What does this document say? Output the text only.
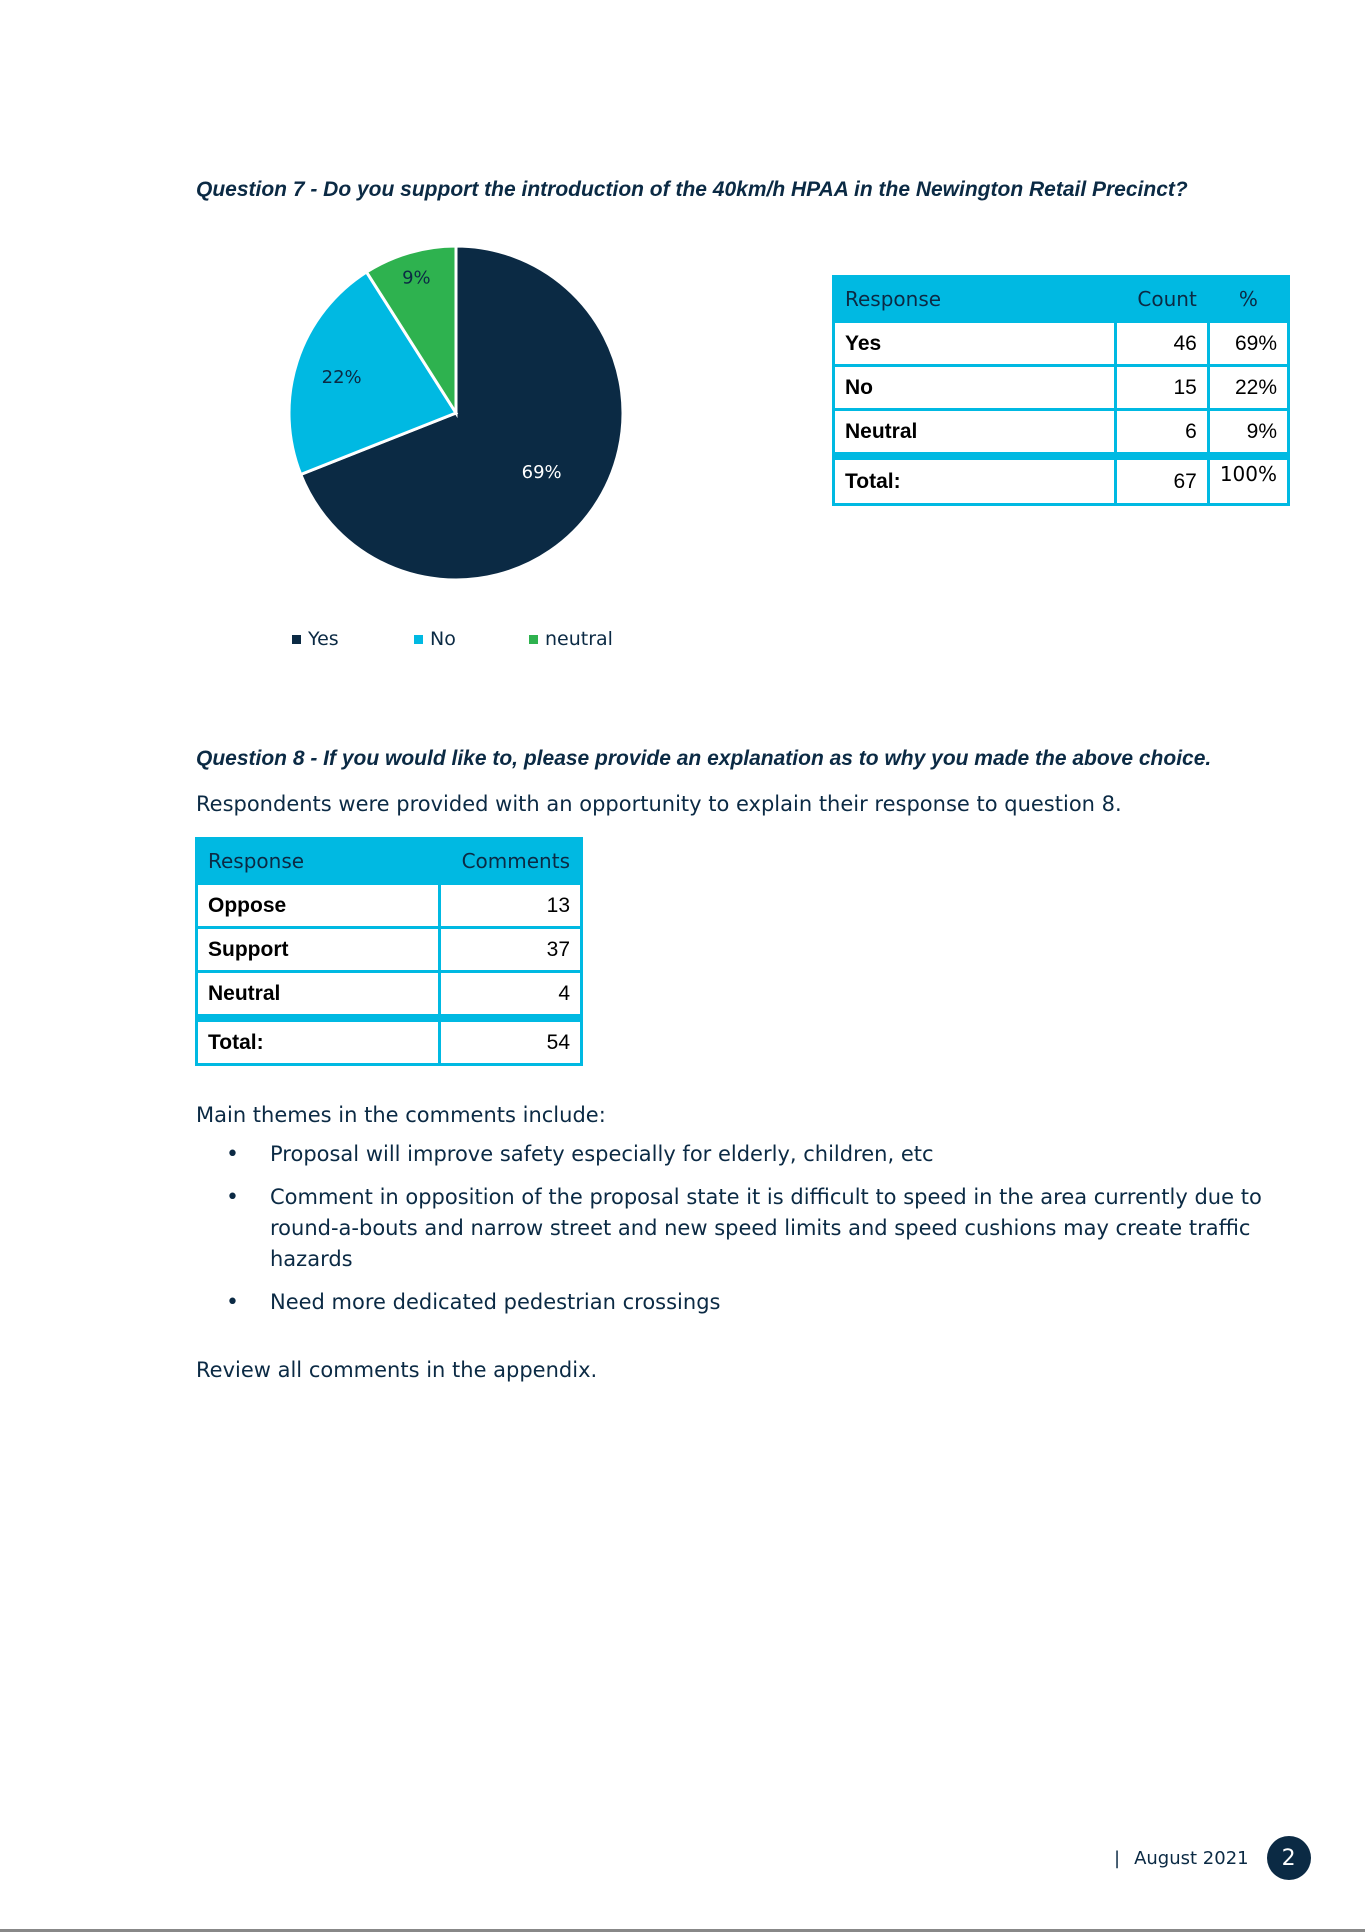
Question 7 - Do you support the introduction of the 40km/h HPAA in the Newington Retail Precinct?
69%
22%
9%
Yes	No	neutral
Response	Count	%
Yes	46	69%
No	15	22%
Neutral	6	9%
Total:	67	100%
Question 8 - If you would like to, please provide an explanation as to why you made the above choice.

Respondents were provided with an opportunity to explain their response to question 8.

Response	Comments
Oppose	13
Support	37
Neutral	4
Total:	54

Main themes in the comments include:

• Proposal will improve safety especially for elderly, children, etc
• Comment in opposition of the proposal state it is difficult to speed in the area currently due to round-a-bouts and narrow street and new speed limits and speed cushions may create traffic hazards
• Need more dedicated pedestrian crossings

Review all comments in the appendix.

| August 2021	2
